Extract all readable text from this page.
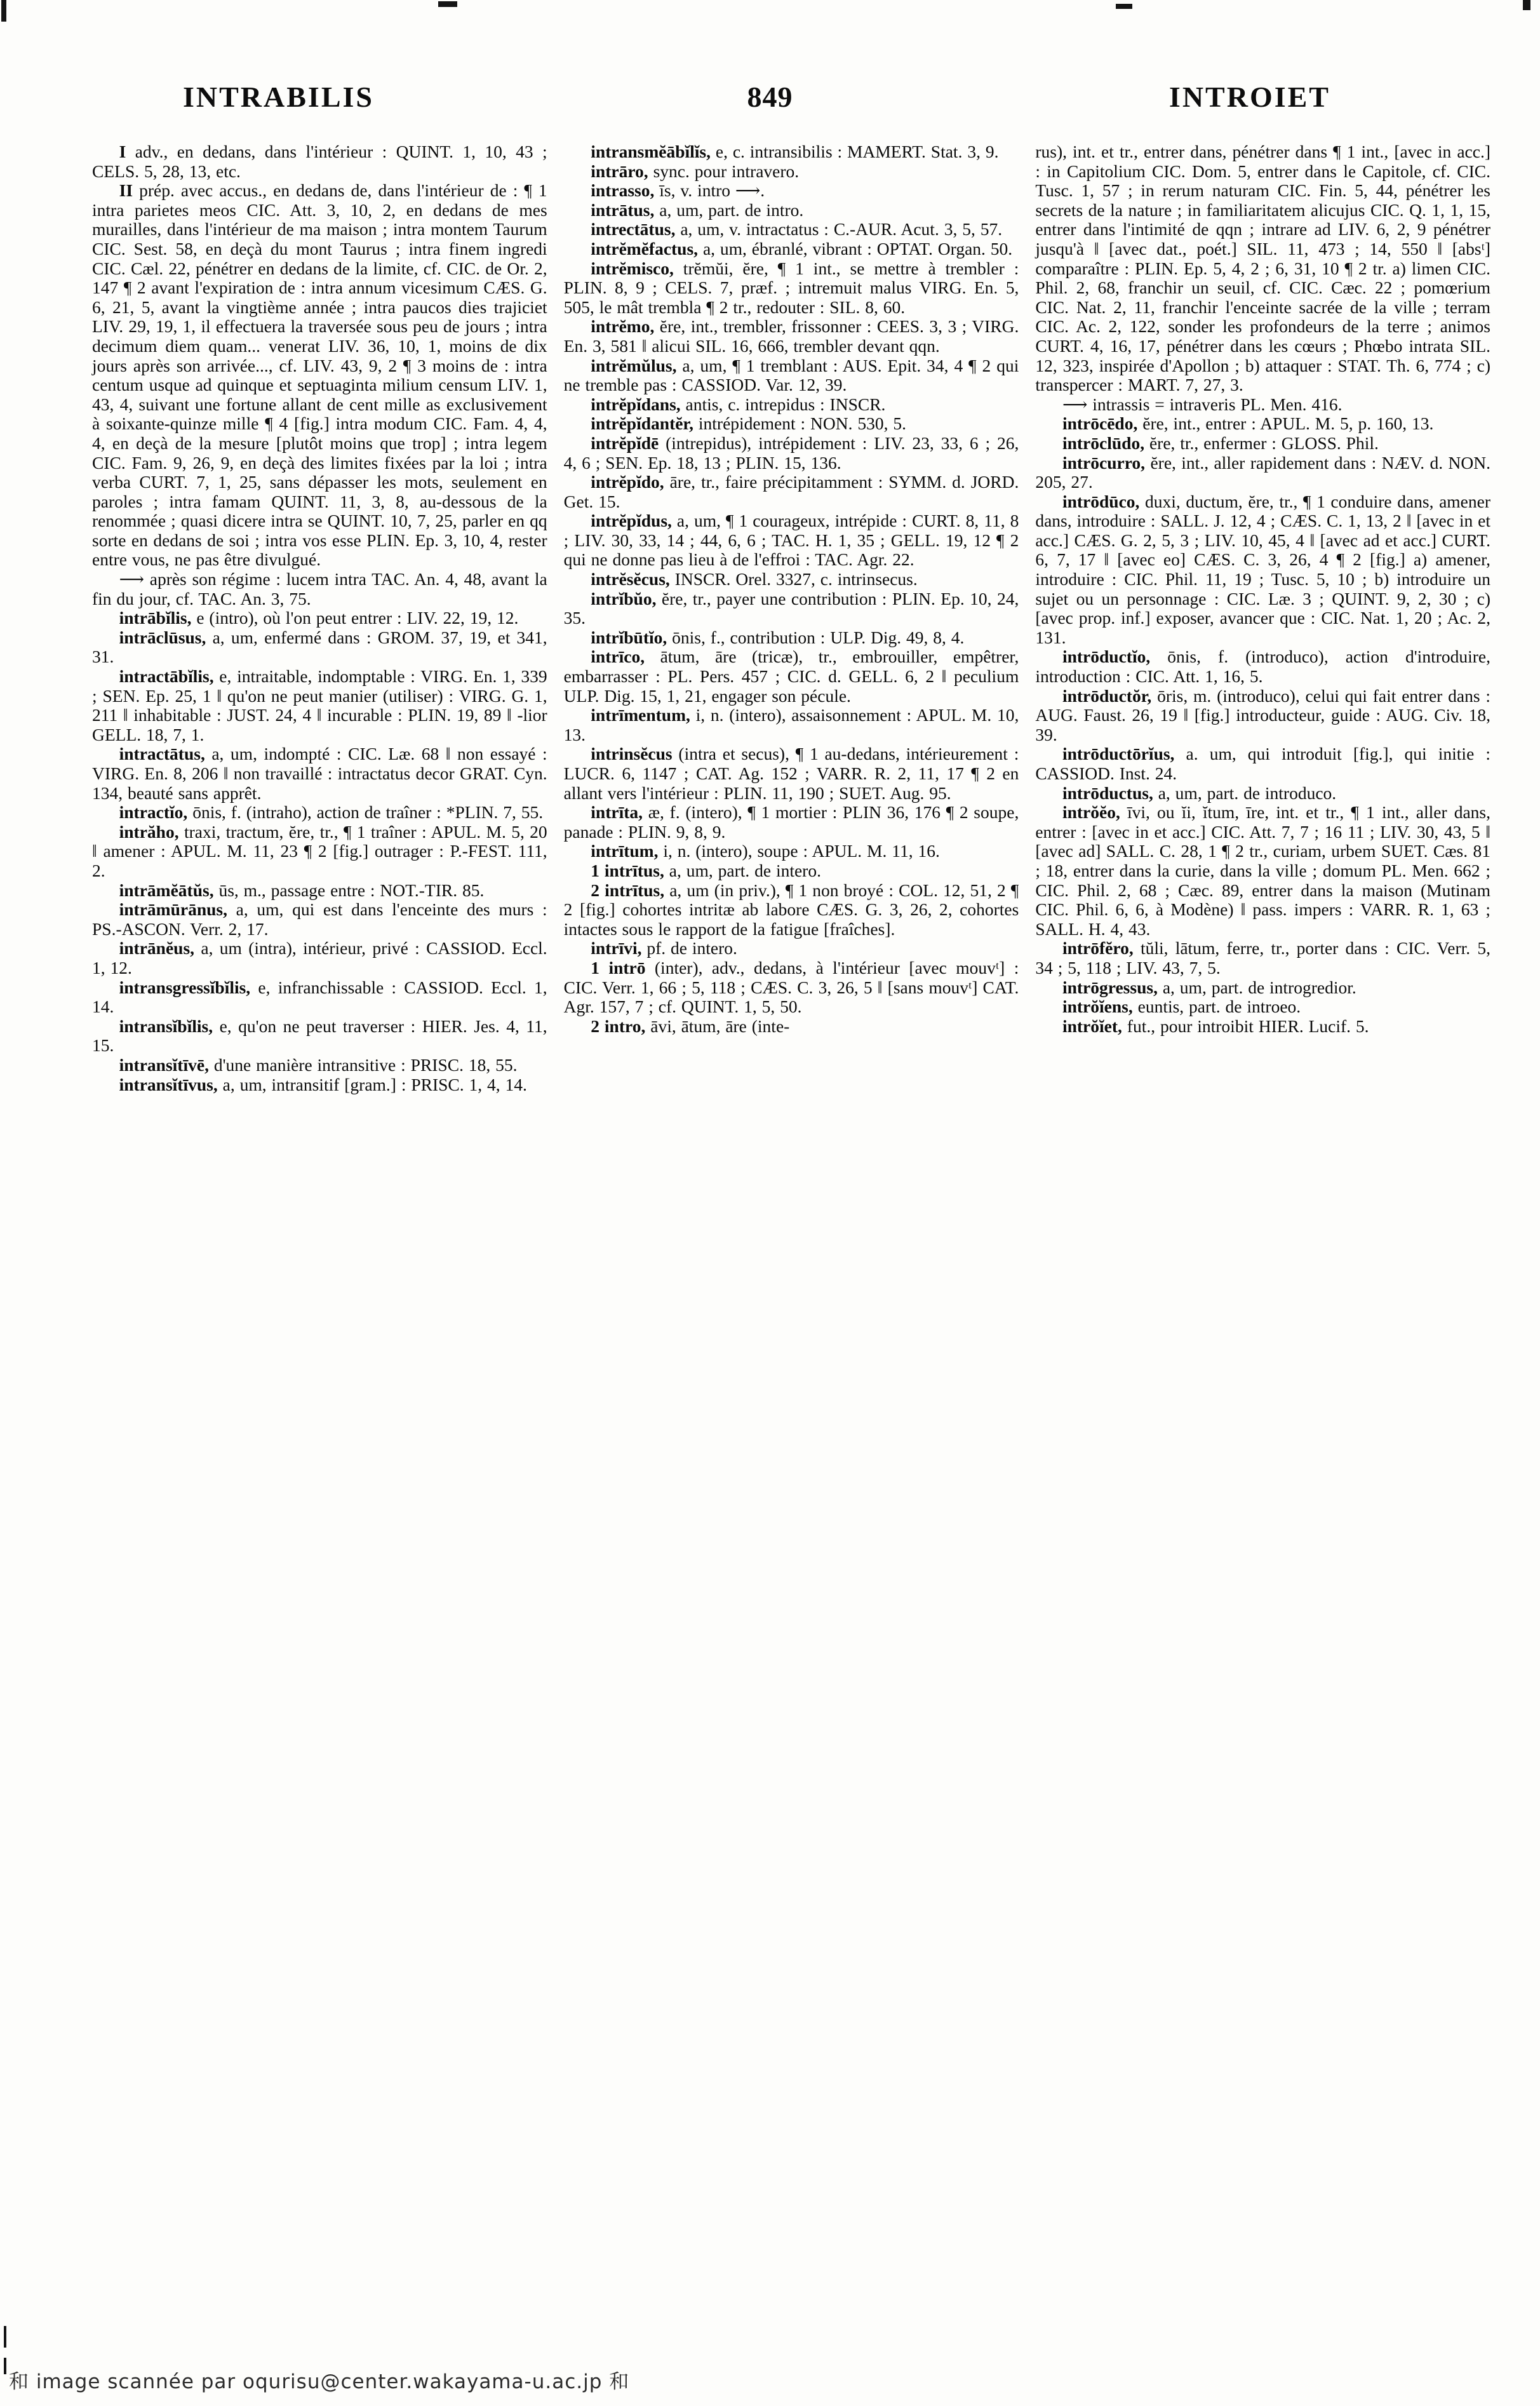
INTRABILIS	849	INTROIET

I adv., en dedans, dans l'intérieur : QUINT. 1, 10, 43 ; CELS. 5, 28, 13, etc.

II prép. avec accus., en dedans de, dans l'intérieur de : ¶ 1 intra parietes meos CIC. Att. 3, 10, 2, en dedans de mes murailles, dans l'intérieur de ma maison ; intra montem Taurum CIC. Sest. 58, en deçà du mont Taurus ; intra finem ingredi CIC. Cæl. 22, pénétrer en dedans de la limite, cf. CIC. de Or. 2, 147 ¶ 2 avant l'expiration de : intra annum vicesimum CÆS. G. 6, 21, 5, avant la vingtième année ; intra paucos dies trajiciet LIV. 29, 19, 1, il effectuera la traversée sous peu de jours ; intra decimum diem quam... venerat LIV. 36, 10, 1, moins de dix jours après son arrivée..., cf. LIV. 43, 9, 2 ¶ 3 moins de : intra centum usque ad quinque et septuaginta milium censum LIV. 1, 43, 4, suivant une fortune allant de cent mille as exclusivement à soixante-quinze mille ¶ 4 [fig.] intra modum CIC. Fam. 4, 4, 4, en deçà de la mesure [plutôt moins que trop] ; intra legem CIC. Fam. 9, 26, 9, en deçà des limites fixées par la loi ; intra verba CURT. 7, 1, 25, sans dépasser les mots, seulement en paroles ; intra famam QUINT. 11, 3, 8, au-dessous de la renommée ; quasi dicere intra se QUINT. 10, 7, 25, parler en qq sorte en dedans de soi ; intra vos esse PLIN. Ep. 3, 10, 4, rester entre vous, ne pas être divulgué.

⟶ après son régime : lucem intra TAC. An. 4, 48, avant la fin du jour, cf. TAC. An. 3, 75.

intrābĭlis, e (intro), où l'on peut entrer : LIV. 22, 19, 12.

intrāclūsus, a, um, enfermé dans : GROM. 37, 19, et 341, 31.

intractābĭlis, e, intraitable, indomptable : VIRG. En. 1, 339 ; SEN. Ep. 25, 1 ‖ qu'on ne peut manier (utiliser) : VIRG. G. 1, 211 ‖ inhabitable : JUST. 24, 4 ‖ incurable : PLIN. 19, 89 ‖ -lior GELL. 18, 7, 1.

intractātus, a, um, indompté : CIC. Læ. 68 ‖ non essayé : VIRG. En. 8, 206 ‖ non travaillé : intractatus decor GRAT. Cyn. 134, beauté sans apprêt.

intractĭo, ōnis, f. (intraho), action de traîner : *PLIN. 7, 55.

intrăho, traxi, tractum, ĕre, tr., ¶ 1 traîner : APUL. M. 5, 20 ‖ amener : APUL. M. 11, 23 ¶ 2 [fig.] outrager : P.-FEST. 111, 2.

intrāmĕātŭs, ūs, m., passage entre : NOT.-TIR. 85.

intrāmūrānus, a, um, qui est dans l'enceinte des murs : PS.-ASCON. Verr. 2, 17.

intrānĕus, a, um (intra), intérieur, privé : CASSIOD. Eccl. 1, 12.

intransgressĭbĭlis, e, infranchissable : CASSIOD. Eccl. 1, 14.

intransĭbĭlis, e, qu'on ne peut traverser : HIER. Jes. 4, 11, 15.

intransĭtīvē, d'une manière intransitive : PRISC. 18, 55.

intransĭtīvus, a, um, intransitif [gram.] : PRISC. 1, 4, 14.

intransmĕābĭlĭs, e, c. intransibilis : MAMERT. Stat. 3, 9.

intrāro, sync. pour intravero.

intrasso, īs, v. intro ⟶.

intrātus, a, um, part. de intro.

intrectātus, a, um, v. intractatus : C.-AUR. Acut. 3, 5, 57.

intrĕmĕfactus, a, um, ébranlé, vibrant : OPTAT. Organ. 50.

intrĕmisco, trĕmŭi, ĕre, ¶ 1 int., se mettre à trembler : PLIN. 8, 9 ; CELS. 7, præf. ; intremuit malus VIRG. En. 5, 505, le mât trembla ¶ 2 tr., redouter : SIL. 8, 60.

intrĕmo, ĕre, int., trembler, frissonner : CEES. 3, 3 ; VIRG. En. 3, 581 ‖ alicui SIL. 16, 666, trembler devant qqn.

intrĕmŭlus, a, um, ¶ 1 tremblant : AUS. Epit. 34, 4 ¶ 2 qui ne tremble pas : CASSIOD. Var. 12, 39.

intrĕpĭdans, antis, c. intrepidus : INSCR.

intrĕpĭdantĕr, intrépidement : NON. 530, 5.

intrĕpĭdē (intrepidus), intrépidement : LIV. 23, 33, 6 ; 26, 4, 6 ; SEN. Ep. 18, 13 ; PLIN. 15, 136.

intrĕpĭdo, āre, tr., faire précipitamment : SYMM. d. JORD. Get. 15.

intrĕpĭdus, a, um, ¶ 1 courageux, intrépide : CURT. 8, 11, 8 ; LIV. 30, 33, 14 ; 44, 6, 6 ; TAC. H. 1, 35 ; GELL. 19, 12 ¶ 2 qui ne donne pas lieu à de l'effroi : TAC. Agr. 22.

intrĕsĕcus, INSCR. Orel. 3327, c. intrinsecus.

intrĭbŭo, ĕre, tr., payer une contribution : PLIN. Ep. 10, 24, 35.

intrĭbūtĭo, ōnis, f., contribution : ULP. Dig. 49, 8, 4.

intrīco, ātum, āre (tricæ), tr., embrouiller, empêtrer, embarrasser : PL. Pers. 457 ; CIC. d. GELL. 6, 2 ‖ peculium ULP. Dig. 15, 1, 21, engager son pécule.

intrīmentum, i, n. (intero), assaisonnement : APUL. M. 10, 13.

intrinsĕcus (intra et secus), ¶ 1 au-dedans, intérieurement : LUCR. 6, 1147 ; CAT. Ag. 152 ; VARR. R. 2, 11, 17 ¶ 2 en allant vers l'intérieur : PLIN. 11, 190 ; SUET. Aug. 95.

intrīta, æ, f. (intero), ¶ 1 mortier : PLIN 36, 176 ¶ 2 soupe, panade : PLIN. 9, 8, 9.

intrītum, i, n. (intero), soupe : APUL. M. 11, 16.

1 intrītus, a, um, part. de intero.

2 intrītus, a, um (in priv.), ¶ 1 non broyé : COL. 12, 51, 2 ¶ 2 [fig.] cohortes intritæ ab labore CÆS. G. 3, 26, 2, cohortes intactes sous le rapport de la fatigue [fraîches].

intrīvi, pf. de intero.

1 intrō (inter), adv., dedans, à l'intérieur [avec mouvᵗ] : CIC. Verr. 1, 66 ; 5, 118 ; CÆS. C. 3, 26, 5 ‖ [sans mouvᵗ] CAT. Agr. 157, 7 ; cf. QUINT. 1, 5, 50.

2 intro, āvi, ātum, āre (inte-

rus), int. et tr., entrer dans, pénétrer dans ¶ 1 int., [avec in acc.] : in Capitolium CIC. Dom. 5, entrer dans le Capitole, cf. CIC. Tusc. 1, 57 ; in rerum naturam CIC. Fin. 5, 44, pénétrer les secrets de la nature ; in familiaritatem alicujus CIC. Q. 1, 1, 15, entrer dans l'intimité de qqn ; intrare ad LIV. 6, 2, 9 pénétrer jusqu'à ‖ [avec dat., poét.] SIL. 11, 473 ; 14, 550 ‖ [absᵗ] comparaître : PLIN. Ep. 5, 4, 2 ; 6, 31, 10 ¶ 2 tr. a) limen CIC. Phil. 2, 68, franchir un seuil, cf. CIC. Cæc. 22 ; pomœrium CIC. Nat. 2, 11, franchir l'enceinte sacrée de la ville ; terram CIC. Ac. 2, 122, sonder les profondeurs de la terre ; animos CURT. 4, 16, 17, pénétrer dans les cœurs ; Phœbo intrata SIL. 12, 323, inspirée d'Apollon ; b) attaquer : STAT. Th. 6, 774 ; c) transpercer : MART. 7, 27, 3.

⟶ intrassis = intraveris PL. Men. 416.

intrōcēdo, ĕre, int., entrer : APUL. M. 5, p. 160, 13.

intrōclūdo, ĕre, tr., enfermer : GLOSS. Phil.

intrōcurro, ĕre, int., aller rapidement dans : NÆV. d. NON. 205, 27.

intrōdūco, duxi, ductum, ĕre, tr., ¶ 1 conduire dans, amener dans, introduire : SALL. J. 12, 4 ; CÆS. C. 1, 13, 2 ‖ [avec in et acc.] CÆS. G. 2, 5, 3 ; LIV. 10, 45, 4 ‖ [avec ad et acc.] CURT. 6, 7, 17 ‖ [avec eo] CÆS. C. 3, 26, 4 ¶ 2 [fig.] a) amener, introduire : CIC. Phil. 11, 19 ; Tusc. 5, 10 ; b) introduire un sujet ou un personnage : CIC. Læ. 3 ; QUINT. 9, 2, 30 ; c) [avec prop. inf.] exposer, avancer que : CIC. Nat. 1, 20 ; Ac. 2, 131.

intrōductĭo, ōnis, f. (introduco), action d'introduire, introduction : CIC. Att. 1, 16, 5.

intrōductŏr, ōris, m. (introduco), celui qui fait entrer dans : AUG. Faust. 26, 19 ‖ [fig.] introducteur, guide : AUG. Civ. 18, 39.

intrōductōrĭus, a. um, qui introduit [fig.], qui initie : CASSIOD. Inst. 24.

intrōductus, a, um, part. de introduco.

intrŏĕo, īvi, ou ĭi, ĭtum, īre, int. et tr., ¶ 1 int., aller dans, entrer : [avec in et acc.] CIC. Att. 7, 7 ; 16 11 ; LIV. 30, 43, 5 ‖ [avec ad] SALL. C. 28, 1 ¶ 2 tr., curiam, urbem SUET. Cæs. 81 ; 18, entrer dans la curie, dans la ville ; domum PL. Men. 662 ; CIC. Phil. 2, 68 ; Cæc. 89, entrer dans la maison (Mutinam CIC. Phil. 6, 6, à Modène) ‖ pass. impers : VARR. R. 1, 63 ; SALL. H. 4, 43.

intrōfĕro, tŭli, lātum, ferre, tr., porter dans : CIC. Verr. 5, 34 ; 5, 118 ; LIV. 43, 7, 5.

intrōgressus, a, um, part. de introgredior.

intrŏĭens, euntis, part. de introeo.

intrŏĭet, fut., pour introibit HIER. Lucif. 5.

和 image scannée par oqurisu@center.wakayama-u.ac.jp 和
